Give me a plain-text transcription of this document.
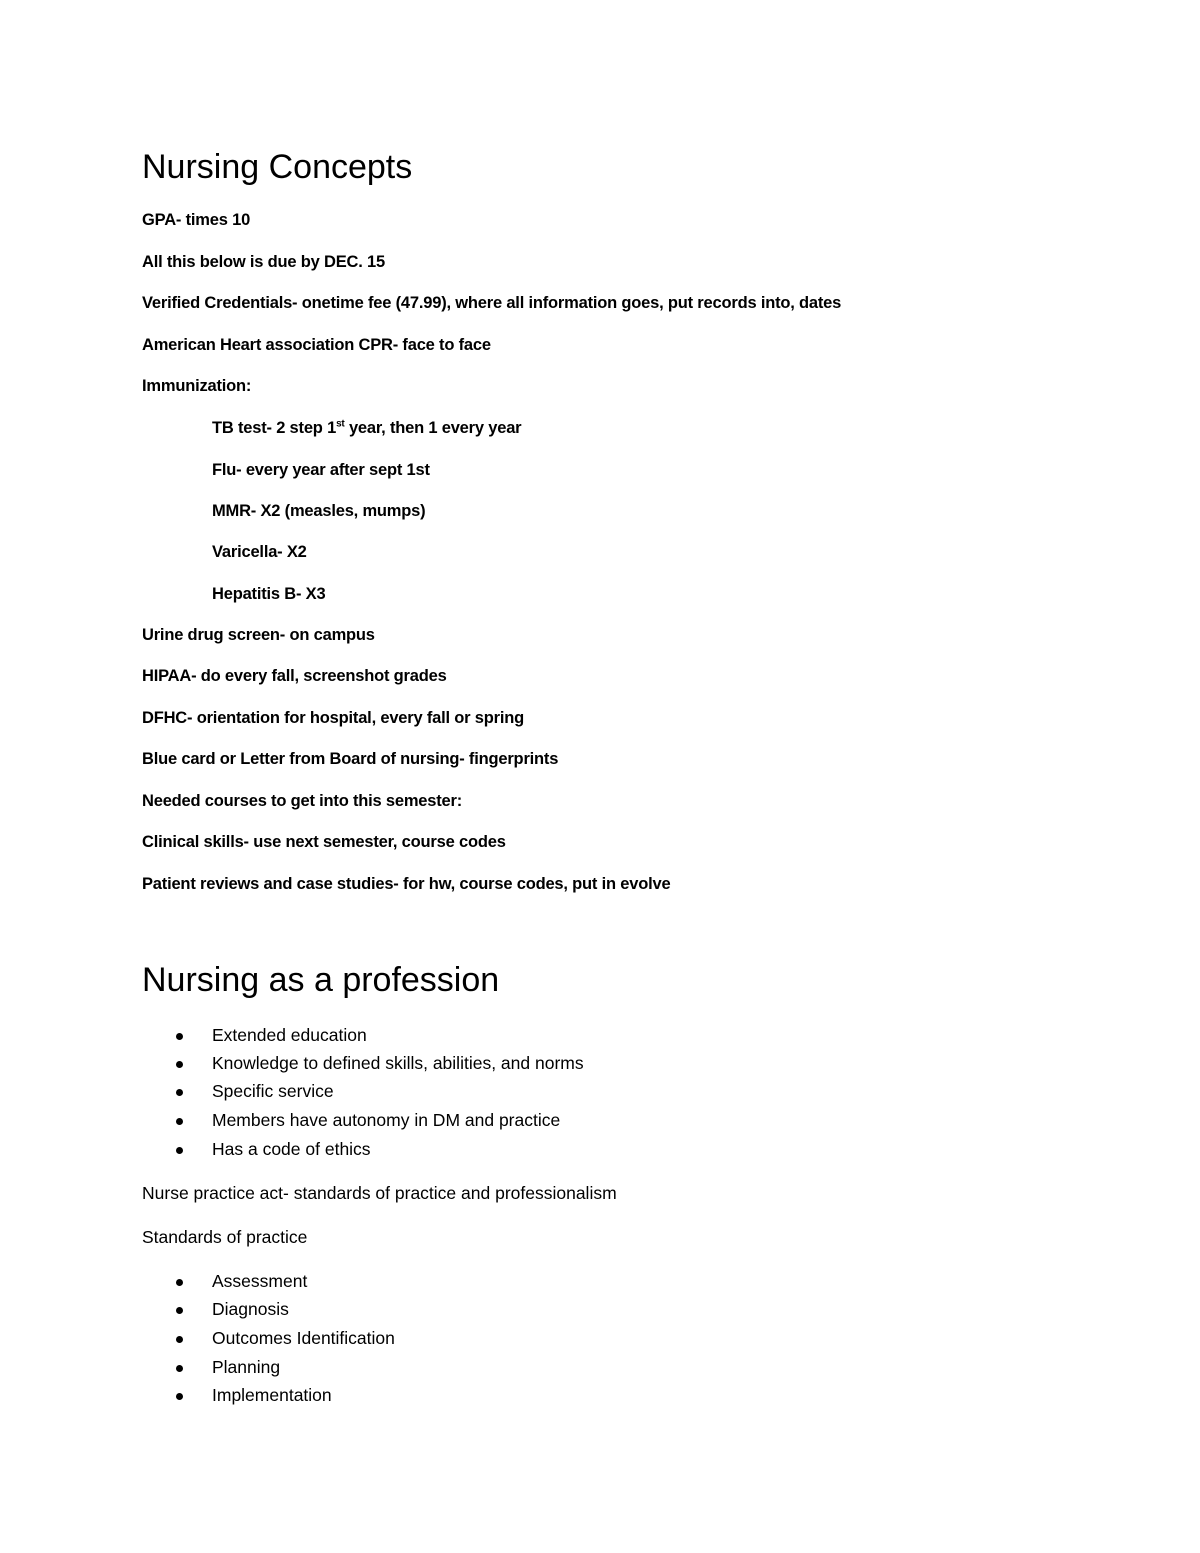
Nursing Concepts
GPA- times 10
All this below is due by DEC. 15
Verified Credentials- onetime fee (47.99), where all information goes, put records into, dates
American Heart association CPR- face to face
Immunization:
TB test- 2 step 1st year, then 1 every year
Flu- every year after sept 1st
MMR- X2 (measles, mumps)
Varicella- X2
Hepatitis B- X3
Urine drug screen- on campus
HIPAA- do every fall, screenshot grades
DFHC- orientation for hospital, every fall or spring
Blue card or Letter from Board of nursing- fingerprints
Needed courses to get into this semester:
Clinical skills- use next semester, course codes
Patient reviews and case studies- for hw, course codes, put in evolve
Nursing as a profession
Extended education
Knowledge to defined skills, abilities, and norms
Specific service
Members have autonomy in DM and practice
Has a code of ethics
Nurse practice act- standards of practice and professionalism
Standards of practice
Assessment
Diagnosis
Outcomes Identification
Planning
Implementation
